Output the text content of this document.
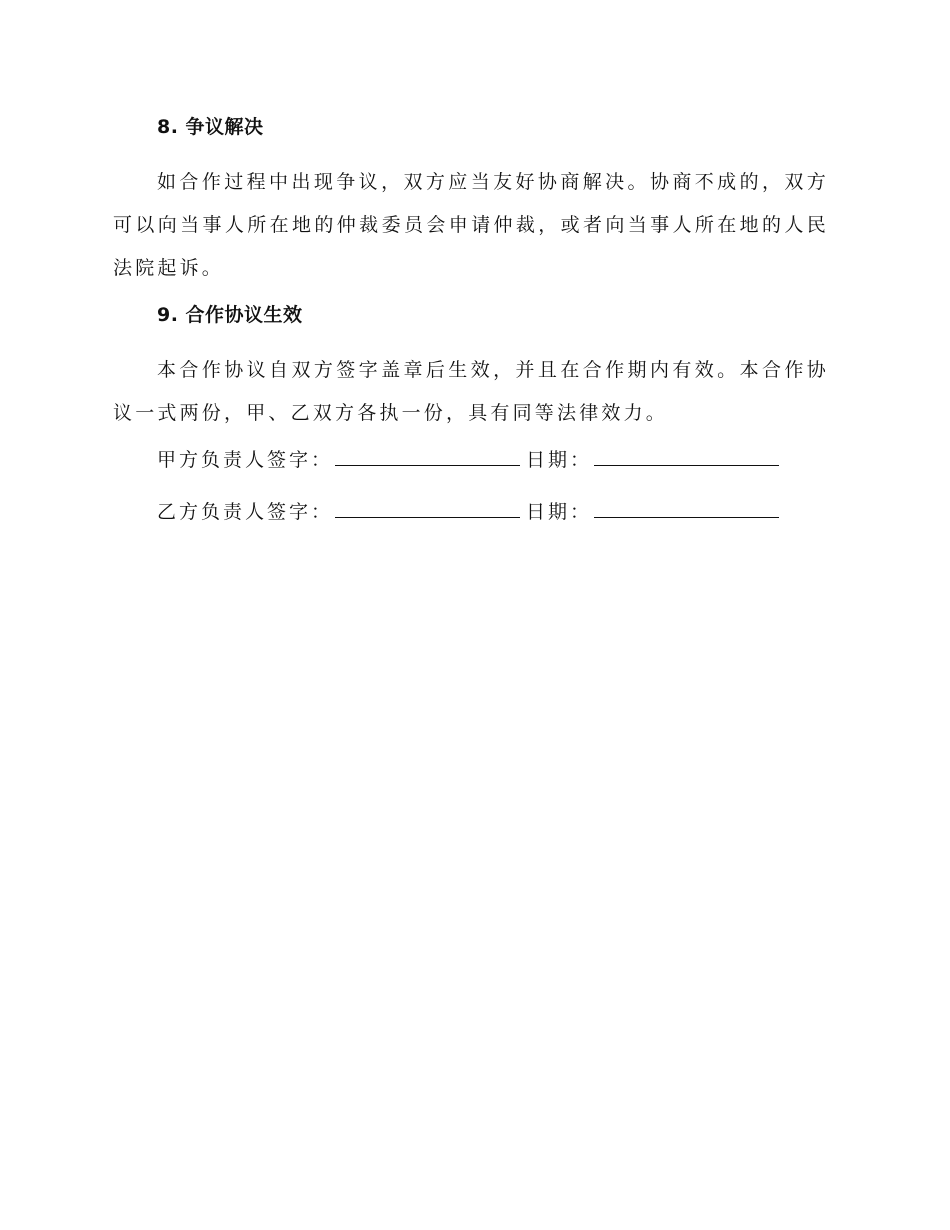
8. 争议解决

如合作过程中出现争议，双方应当友好协商解决。协商不成的，双方可以向当事人所在地的仲裁委员会申请仲裁，或者向当事人所在地的人民法院起诉。

9. 合作协议生效

本合作协议自双方签字盖章后生效，并且在合作期内有效。本合作协议一式两份，甲、乙双方各执一份，具有同等法律效力。

甲方负责人签字：	日期：
乙方负责人签字：	日期：
